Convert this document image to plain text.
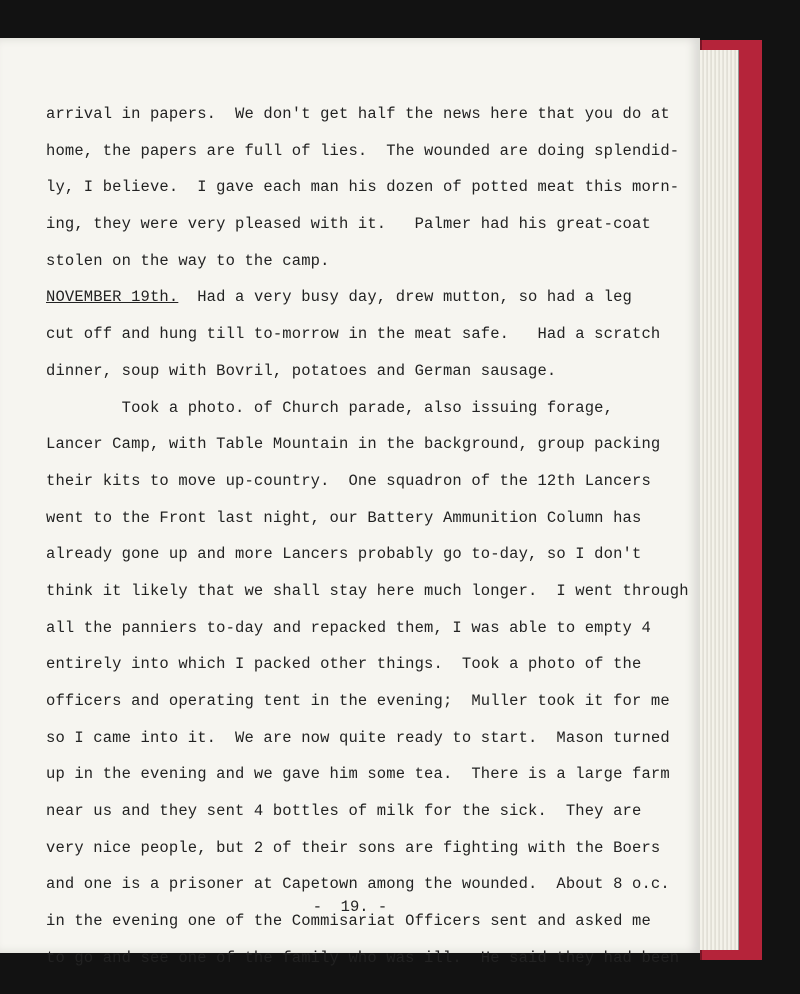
arrival in papers.  We don't get half the news here that you do at
home, the papers are full of lies.  The wounded are doing splendid-
ly, I believe.  I gave each man his dozen of potted meat this morn-
ing, they were very pleased with it.   Palmer had his great-coat
stolen on the way to the camp.
NOVEMBER 19th.  Had a very busy day, drew mutton, so had a leg
cut off and hung till to-morrow in the meat safe.   Had a scratch
dinner, soup with Bovril, potatoes and German sausage.
Took a photo. of Church parade, also issuing forage,
Lancer Camp, with Table Mountain in the background, group packing
their kits to move up-country.  One squadron of the 12th Lancers
went to the Front last night, our Battery Ammunition Column has
already gone up and more Lancers probably go to-day, so I don't
think it likely that we shall stay here much longer.  I went through
all the panniers to-day and repacked them, I was able to empty 4
entirely into which I packed other things.  Took a photo of the
officers and operating tent in the evening;  Muller took it for me
so I came into it.  We are now quite ready to start.  Mason turned
up in the evening and we gave him some tea.  There is a large farm
near us and they sent 4 bottles of milk for the sick.  They are
very nice people, but 2 of their sons are fighting with the Boers
and one is a prisoner at Capetown among the wounded.  About 8 o.c.
in the evening one of the Commisariat Officers sent and asked me
to go and see one of the family who was ill.  He said they had been
-  19. -
